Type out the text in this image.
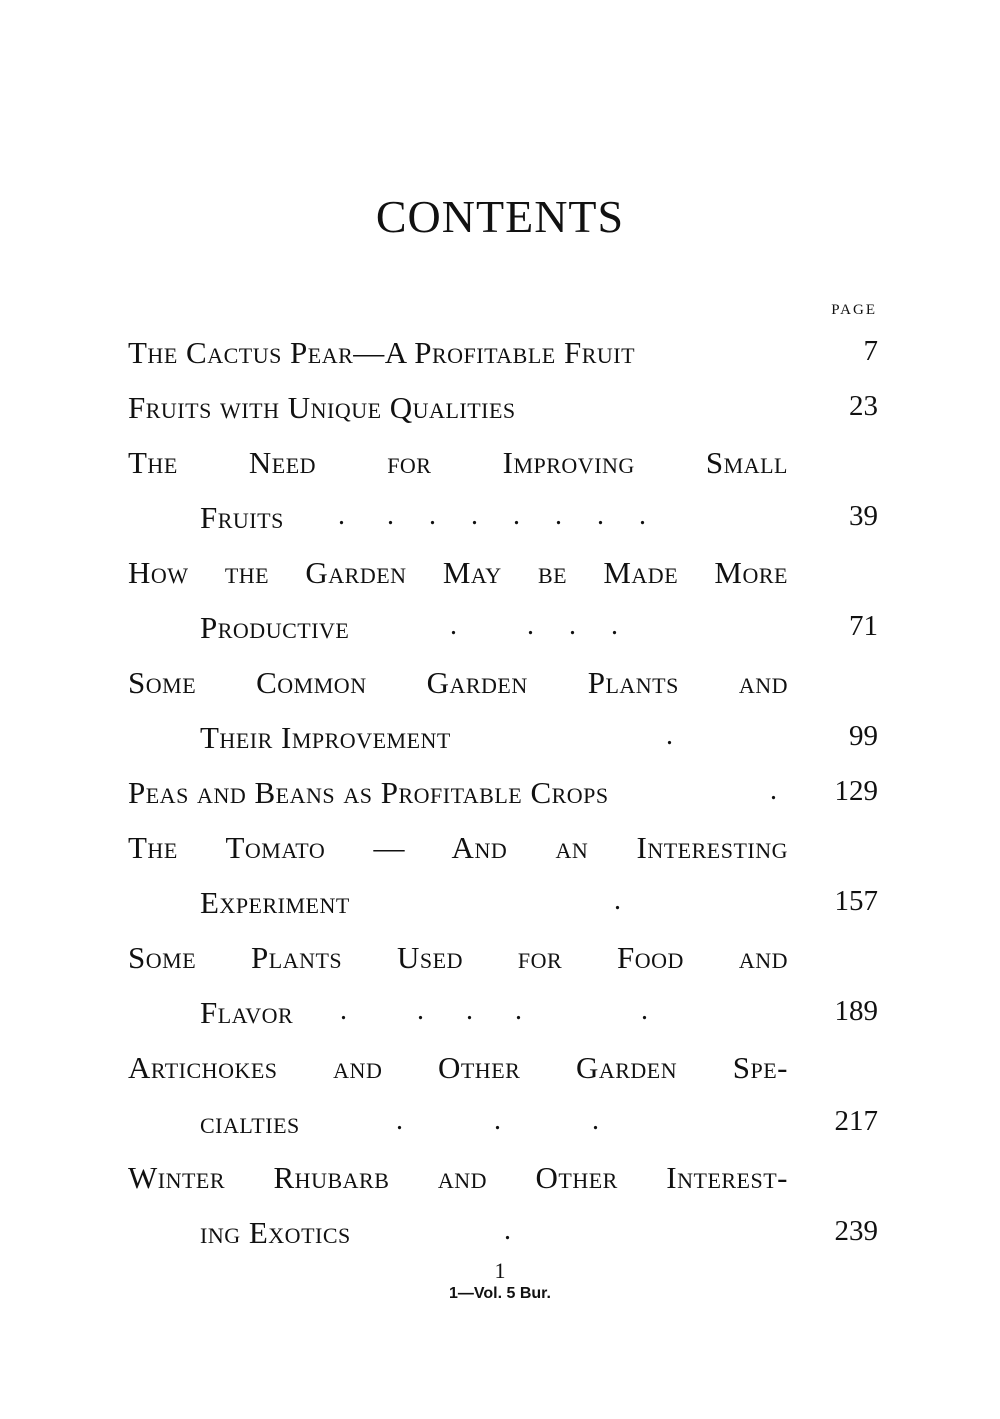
CONTENTS
PAGE
The Cactus Pear—A Profitable Fruit	7
Fruits with Unique Qualities	23
The Need for Improving Small
Fruits .      .     .     .     .     .     .     .	39
How the Garden May be Made More
Productive	.          .     .     .	71
Some Common Garden Plants and
Their Improvement	.	99
Peas and Beans as Profitable Crops	. 129
The Tomato — And an Interesting
Experiment	.	157
Some Plants Used for Food and
Flavor .          .      .      .                 .	189
Artichokes and Other Garden Spe-
cialties	.             .             .	217
Winter Rhubarb and Other Interest-
ing Exotics	.	239
1
1—Vol. 5 Bur.
